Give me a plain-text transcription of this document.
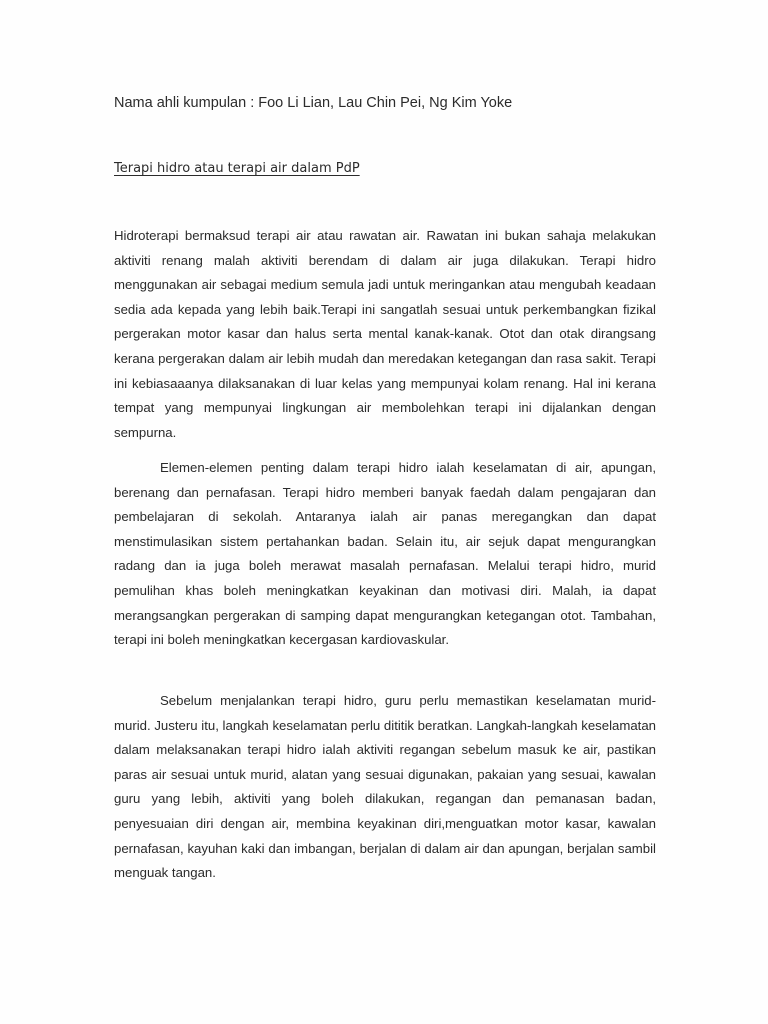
Nama ahli kumpulan : Foo Li Lian, Lau Chin Pei, Ng Kim Yoke
Terapi hidro atau terapi air dalam PdP

Hidroterapi bermaksud terapi air atau rawatan air. Rawatan ini bukan sahaja melakukan aktiviti renang malah aktiviti berendam di dalam air juga dilakukan. Terapi hidro menggunakan air sebagai medium semula jadi untuk meringankan atau mengubah keadaan sedia ada kepada yang lebih baik.Terapi ini sangatlah sesuai untuk perkembangkan fizikal pergerakan motor kasar dan halus serta mental kanak-kanak. Otot dan otak dirangsang kerana pergerakan dalam air lebih mudah dan meredakan ketegangan dan rasa sakit. Terapi ini kebiasaaanya dilaksanakan di luar kelas yang mempunyai kolam renang. Hal ini kerana tempat yang mempunyai lingkungan air membolehkan terapi ini dijalankan dengan sempurna.

Elemen-elemen penting dalam terapi hidro ialah keselamatan di air, apungan, berenang dan pernafasan. Terapi hidro memberi banyak faedah dalam pengajaran dan pembelajaran di sekolah. Antaranya ialah air panas meregangkan dan dapat menstimulasikan sistem pertahankan badan. Selain itu, air sejuk dapat mengurangkan radang dan ia juga boleh merawat masalah pernafasan. Melalui terapi hidro, murid pemulihan khas boleh meningkatkan keyakinan dan motivasi diri. Malah, ia dapat merangsangkan pergerakan di samping dapat mengurangkan ketegangan otot. Tambahan, terapi ini boleh meningkatkan kecergasan kardiovaskular.

Sebelum menjalankan terapi hidro, guru perlu memastikan keselamatan murid-murid. Justeru itu, langkah keselamatan perlu dititik beratkan. Langkah-langkah keselamatan dalam melaksanakan terapi hidro ialah aktiviti regangan sebelum masuk ke air, pastikan paras air sesuai untuk murid, alatan yang sesuai digunakan, pakaian yang sesuai, kawalan guru yang lebih, aktiviti yang boleh dilakukan, regangan dan pemanasan badan, penyesuaian diri dengan air, membina keyakinan diri,menguatkan motor kasar, kawalan pernafasan, kayuhan kaki dan imbangan, berjalan di dalam air dan apungan, berjalan sambil menguak tangan.
